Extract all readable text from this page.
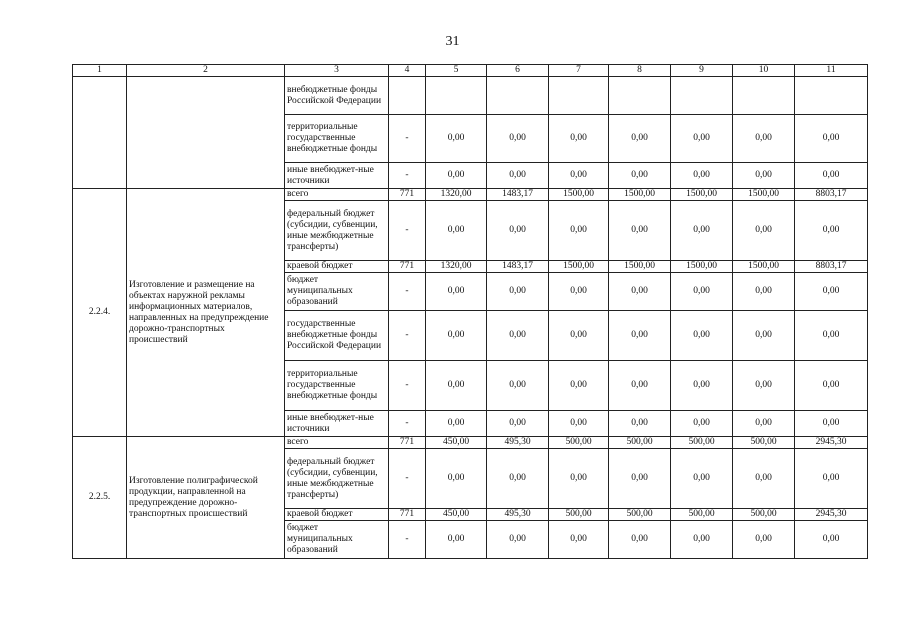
31
1	2	3	4	5	6	7	8	9	10	11
		внебюджетные фонды Российской Федерации								
		территориальные государственные внебюджетные фонды	-	0,00	0,00	0,00	0,00	0,00	0,00	0,00
		иные внебюджет-ные источники	-	0,00	0,00	0,00	0,00	0,00	0,00	0,00
2.2.4.	Изготовление и размещение на объектах наружной рекламы информационных материалов, направленных на предупреждение дорожно-транспортных происшествий	всего	771	1320,00	1483,17	1500,00	1500,00	1500,00	1500,00	8803,17
		федеральный бюджет (субсидии, субвенции, иные межбюджетные трансферты)	-	0,00	0,00	0,00	0,00	0,00	0,00	0,00
		краевой бюджет	771	1320,00	1483,17	1500,00	1500,00	1500,00	1500,00	8803,17
		бюджет муниципальных образований	-	0,00	0,00	0,00	0,00	0,00	0,00	0,00
		государственные внебюджетные фонды Российской Федерации	-	0,00	0,00	0,00	0,00	0,00	0,00	0,00
		территориальные государственные внебюджетные фонды	-	0,00	0,00	0,00	0,00	0,00	0,00	0,00
		иные внебюджет-ные источники	-	0,00	0,00	0,00	0,00	0,00	0,00	0,00
2.2.5.	Изготовление полиграфической продукции, направленной на предупреждение дорожно-транспортных происшествий	всего	771	450,00	495,30	500,00	500,00	500,00	500,00	2945,30
		федеральный бюджет (субсидии, субвенции, иные межбюджетные трансферты)	-	0,00	0,00	0,00	0,00	0,00	0,00	0,00
		краевой бюджет	771	450,00	495,30	500,00	500,00	500,00	500,00	2945,30
		бюджет муниципальных образований	-	0,00	0,00	0,00	0,00	0,00	0,00	0,00
